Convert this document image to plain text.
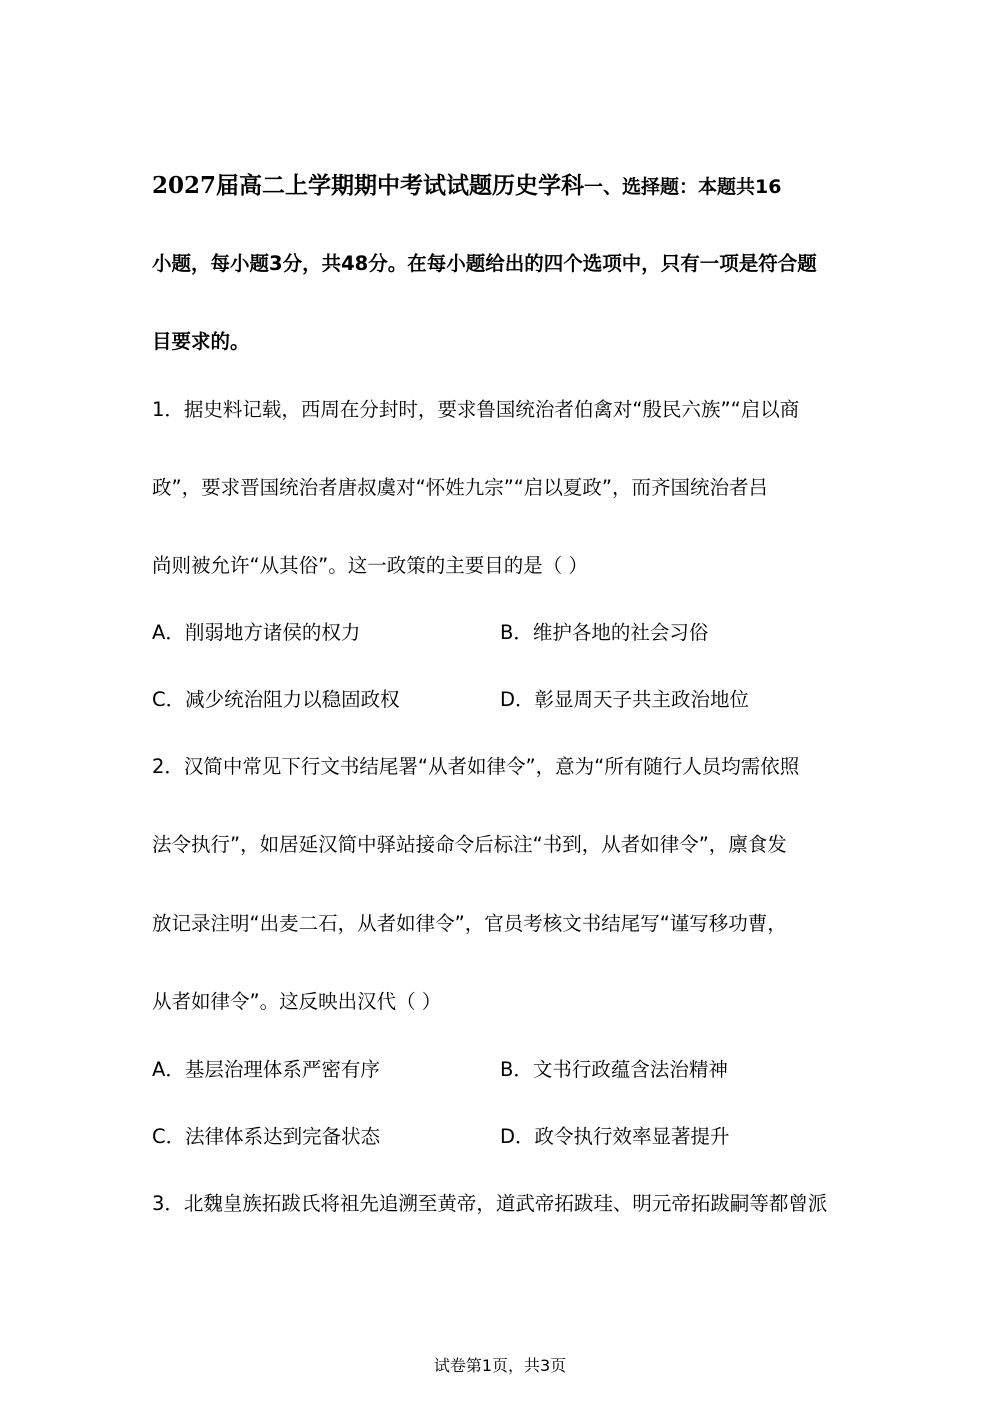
2027届高二上学期期中考试试题历史学科一、选择题：本题共16
小题，每小题3分，共48分。在每小题给出的四个选项中，只有一项是符合题
目要求的。
1．据史料记载，西周在分封时，要求鲁国统治者伯禽对“殷民六族”“启以商
政”，要求晋国统治者唐叔虞对“怀姓九宗”“启以夏政”，而齐国统治者吕
尚则被允许“从其俗”。这一政策的主要目的是（ ）
A．削弱地方诸侯的权力	B．维护各地的社会习俗
C．减少统治阻力以稳固政权	D．彰显周天子共主政治地位
2．汉简中常见下行文书结尾署“从者如律令”，意为“所有随行人员均需依照
法令执行”，如居延汉简中驿站接命令后标注“书到，从者如律令”，廪食发
放记录注明“出麦二石，从者如律令”，官员考核文书结尾写“谨写移功曹，
从者如律令”。这反映出汉代（ ）
A．基层治理体系严密有序	B．文书行政蕴含法治精神
C．法律体系达到完备状态	D．政令执行效率显著提升
3．北魏皇族拓跋氏将祖先追溯至黄帝，道武帝拓跋珪、明元帝拓跋嗣等都曾派
试卷第1页，共3页
